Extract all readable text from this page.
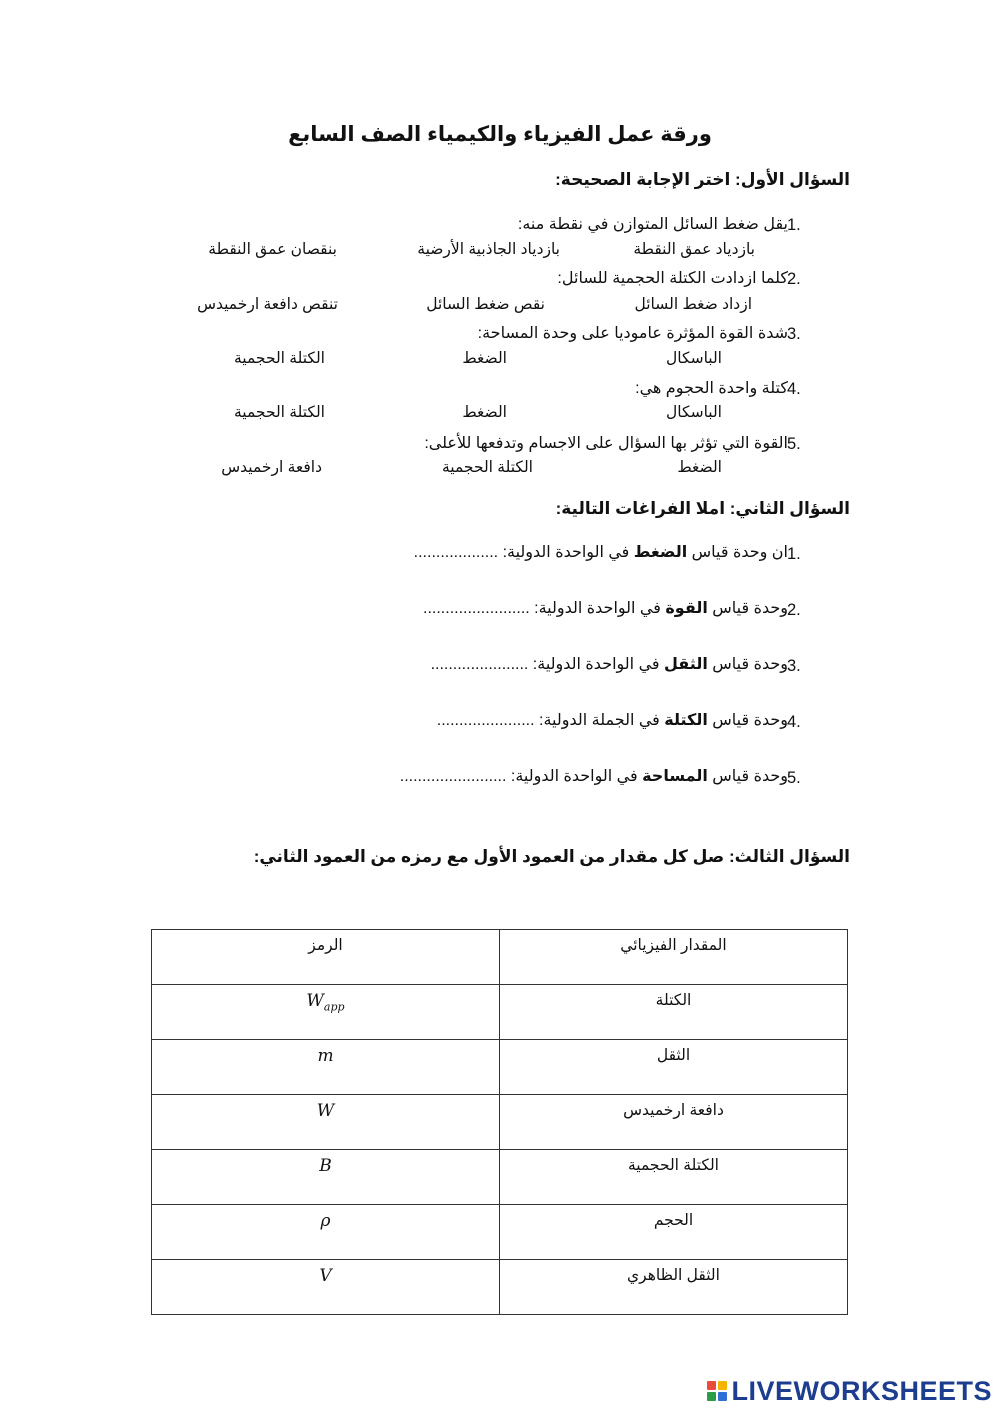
ورقة عمل الفيزياء والكيمياء الصف السابع
السؤال الأول: اختر الإجابة الصحيحة:
1.
يقل ضغط السائل المتوازن في نقطة منه:
بازدياد عمق النقطة
بازدياد الجاذبية الأرضية
بنقصان عمق النقطة
2.
كلما ازدادت الكتلة الحجمية للسائل:
ازداد ضغط السائل
نقص ضغط السائل
تنقص دافعة ارخميدس
3.
شدة القوة المؤثرة عاموديا على وحدة المساحة:
الباسكال
الضغط
الكتلة الحجمية
4.
كتلة واحدة الحجوم هي:
الباسكال
الضغط
الكتلة الحجمية
5.
القوة التي تؤثر بها السؤال على الاجسام وتدفعها للأعلى:
الضغط
الكتلة الحجمية
دافعة ارخميدس
السؤال الثاني: املا الفراغات التالية:
1.
ان وحدة قياس الضغط في الواحدة الدولية: ...................
2.
وحدة قياس القوة في الواحدة الدولية: ........................
3.
وحدة قياس الثقل في الواحدة الدولية: ......................
4.
وحدة قياس الكتلة في الجملة الدولية: ......................
5.
وحدة قياس المساحة في الواحدة الدولية: ........................
السؤال الثالث: صل كل مقدار من العمود الأول مع رمزه من العمود الثاني:
المقدار الفيزيائي	الرمز
الكتلة	$W_{app}$
الثقل	m
دافعة ارخميدس	W
الكتلة الحجمية	B
الحجم	ρ
الثقل الظاهري	V
LIVEWORKSHEETS
